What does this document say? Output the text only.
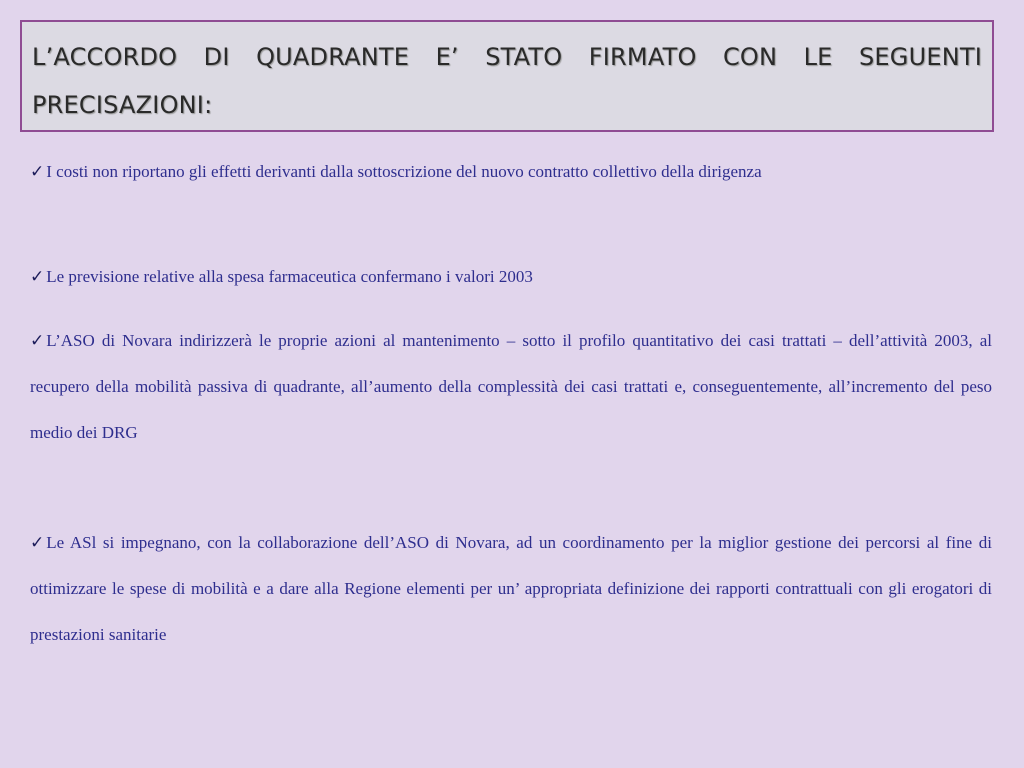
L’ACCORDO DI QUADRANTE E’ STATO FIRMATO CON LE SEGUENTI PRECISAZIONI:

✓ I costi non riportano gli effetti derivanti dalla sottoscrizione del nuovo contratto collettivo della dirigenza

✓ Le previsione relative alla spesa farmaceutica confermano i valori 2003

✓ L’ASO di Novara indirizzerà le proprie azioni al mantenimento – sotto il profilo quantitativo dei casi trattati – dell’attività 2003, al recupero della mobilità passiva di quadrante, all’aumento della complessità dei casi trattati e, conseguentemente, all’incremento del peso medio dei DRG

✓ Le ASl si impegnano, con la collaborazione dell’ASO di Novara, ad un coordinamento per la miglior gestione dei percorsi al fine di ottimizzare le spese di mobilità e a dare alla Regione elementi per un’ appropriata definizione dei rapporti contrattuali con gli erogatori di prestazioni sanitarie
